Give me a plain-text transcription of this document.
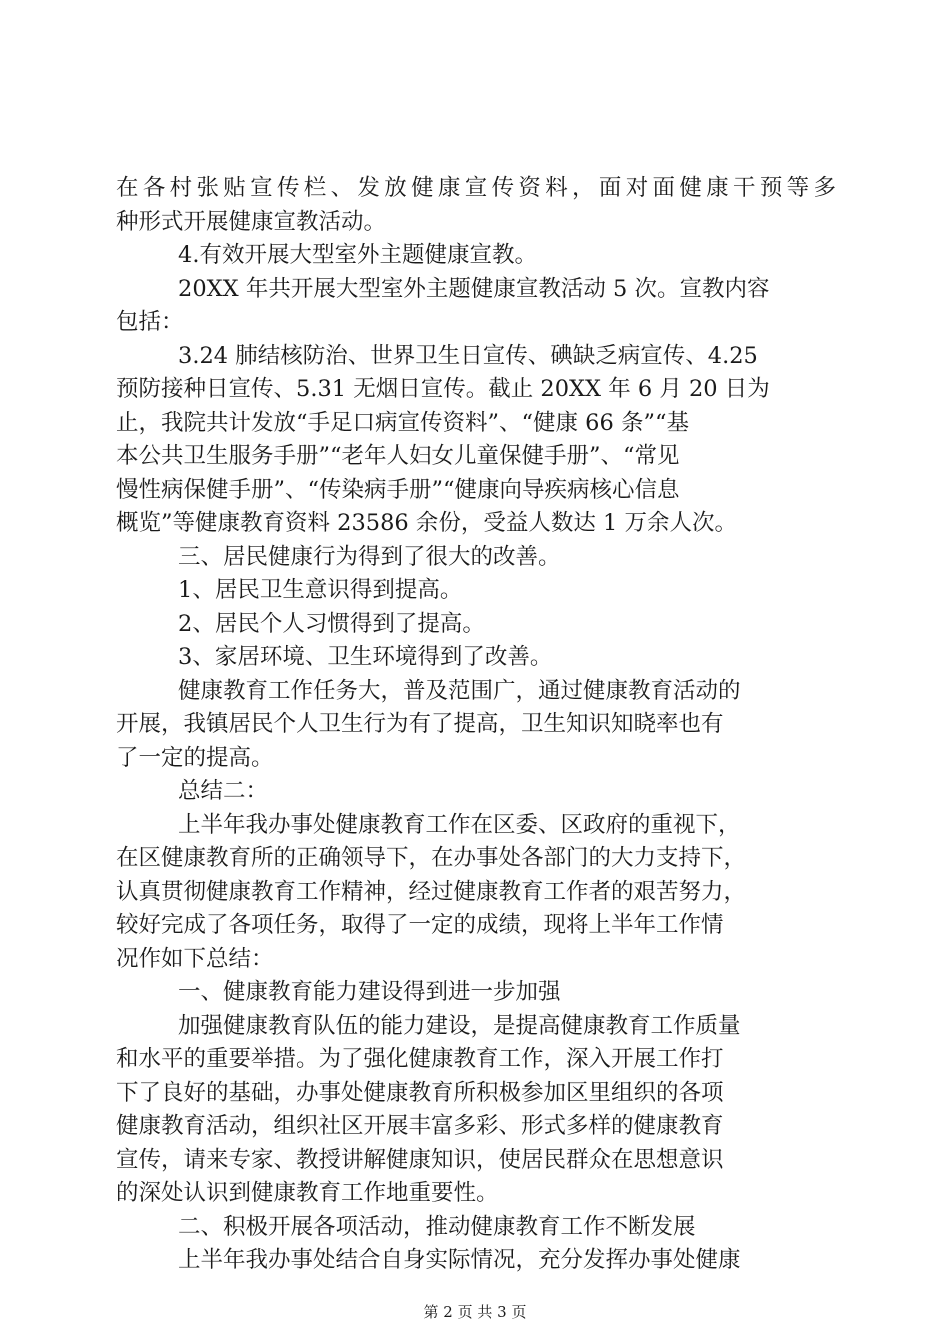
在各村张贴宣传栏、发放健康宣传资料，面对面健康干预等多
种形式开展健康宣教活动。
4.有效开展大型室外主题健康宣教。
20XX 年共开展大型室外主题健康宣教活动 5 次。宣教内容
包括：
3.24 肺结核防治、世界卫生日宣传、碘缺乏病宣传、4.25
预防接种日宣传、5.31 无烟日宣传。截止 20XX 年 6 月 20 日为
止，我院共计发放“手足口病宣传资料”、“健康 66 条”“基
本公共卫生服务手册”“老年人妇女儿童保健手册”、“常见
慢性病保健手册”、“传染病手册”“健康向导疾病核心信息
概览”等健康教育资料 23586 余份，受益人数达 1 万余人次。
三、居民健康行为得到了很大的改善。
1、居民卫生意识得到提高。
2、居民个人习惯得到了提高。
3、家居环境、卫生环境得到了改善。
健康教育工作任务大，普及范围广，通过健康教育活动的
开展，我镇居民个人卫生行为有了提高，卫生知识知晓率也有
了一定的提高。
总结二：
上半年我办事处健康教育工作在区委、区政府的重视下，
在区健康教育所的正确领导下，在办事处各部门的大力支持下，
认真贯彻健康教育工作精神，经过健康教育工作者的艰苦努力，
较好完成了各项任务，取得了一定的成绩，现将上半年工作情
况作如下总结：
一、健康教育能力建设得到进一步加强
加强健康教育队伍的能力建设，是提高健康教育工作质量
和水平的重要举措。为了强化健康教育工作，深入开展工作打
下了良好的基础，办事处健康教育所积极参加区里组织的各项
健康教育活动，组织社区开展丰富多彩、形式多样的健康教育
宣传，请来专家、教授讲解健康知识，使居民群众在思想意识
的深处认识到健康教育工作地重要性。
二、积极开展各项活动，推动健康教育工作不断发展
上半年我办事处结合自身实际情况，充分发挥办事处健康
第 2 页 共 3 页
